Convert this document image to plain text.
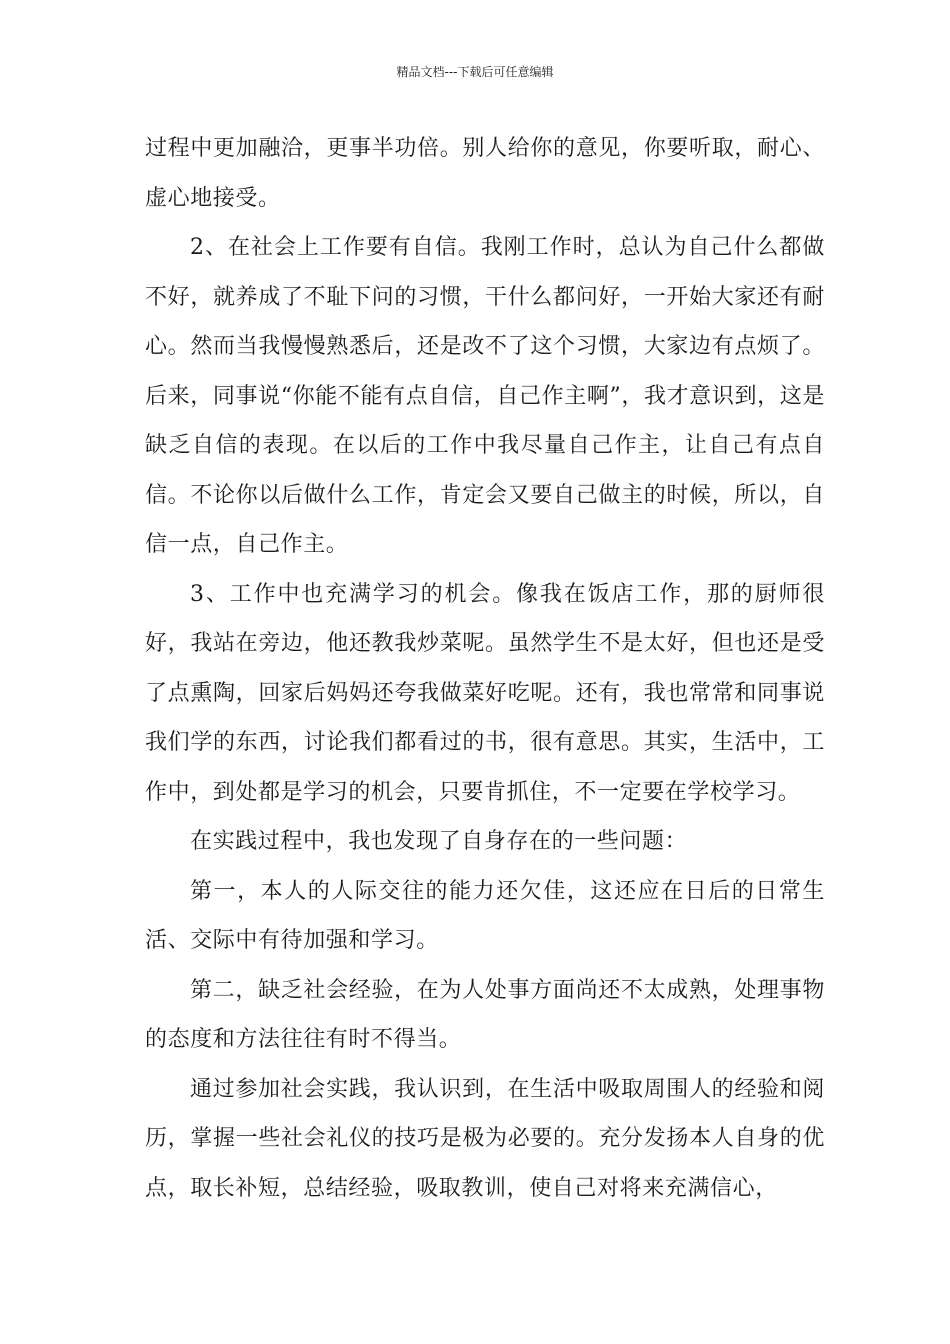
精品文档---下载后可任意编辑

过程中更加融洽，更事半功倍。别人给你的意见，你要听取，耐心、虚心地接受。

2、在社会上工作要有自信。我刚工作时，总认为自己什么都做不好，就养成了不耻下问的习惯，干什么都问好，一开始大家还有耐心。然而当我慢慢熟悉后，还是改不了这个习惯，大家边有点烦了。后来，同事说“你能不能有点自信，自己作主啊”，我才意识到，这是缺乏自信的表现。在以后的工作中我尽量自己作主，让自己有点自信。不论你以后做什么工作，肯定会又要自己做主的时候，所以，自信一点，自己作主。

3、工作中也充满学习的机会。像我在饭店工作，那的厨师很好，我站在旁边，他还教我炒菜呢。虽然学生不是太好，但也还是受了点熏陶，回家后妈妈还夸我做菜好吃呢。还有，我也常常和同事说我们学的东西，讨论我们都看过的书，很有意思。其实，生活中，工作中，到处都是学习的机会，只要肯抓住，不一定要在学校学习。

在实践过程中，我也发现了自身存在的一些问题：

第一，本人的人际交往的能力还欠佳，这还应在日后的日常生活、交际中有待加强和学习。

第二，缺乏社会经验，在为人处事方面尚还不太成熟，处理事物的态度和方法往往有时不得当。

通过参加社会实践，我认识到，在生活中吸取周围人的经验和阅历，掌握一些社会礼仪的技巧是极为必要的。充分发扬本人自身的优点，取长补短，总结经验，吸取教训，使自己对将来充满信心，
